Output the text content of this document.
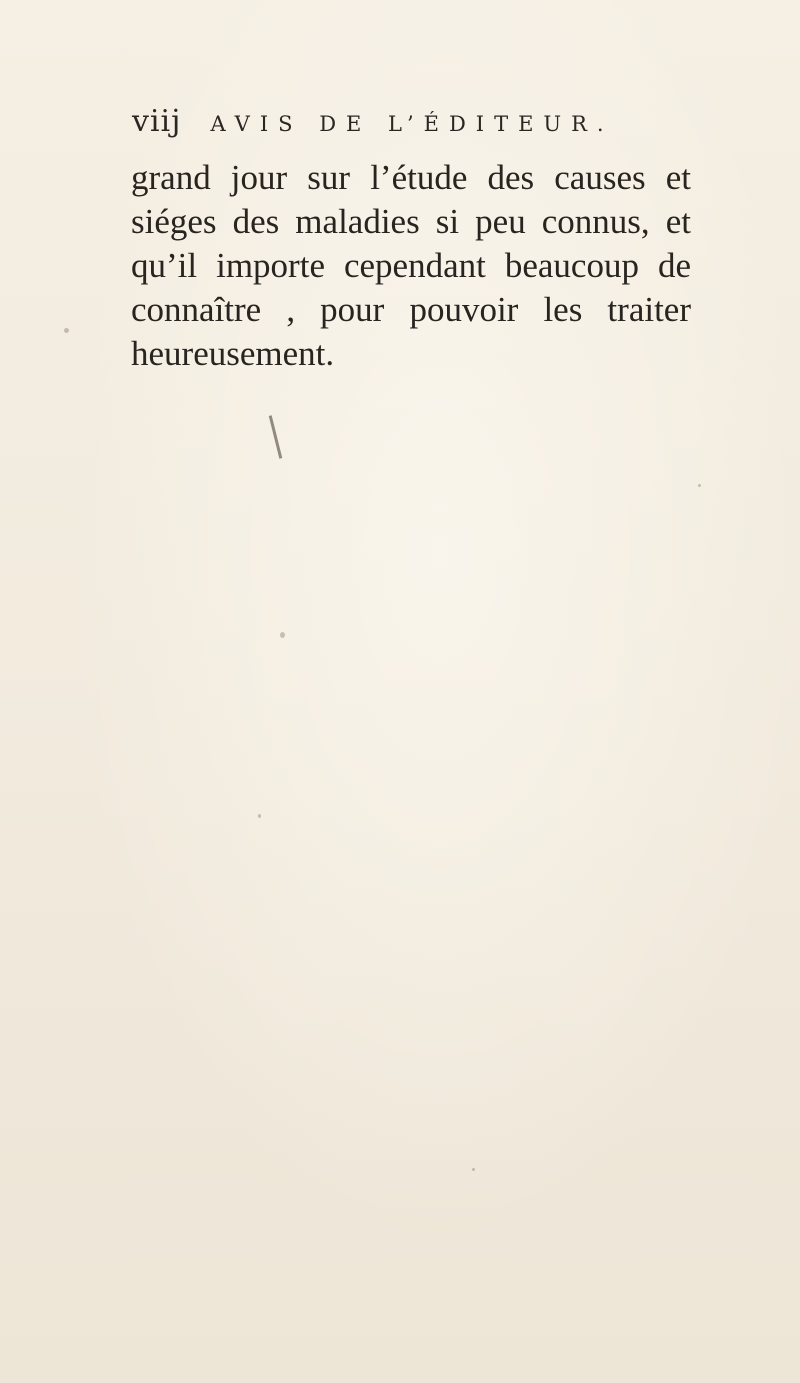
viij AVIS DE L’ÉDITEUR.

grand jour sur l’étude des causes et
siéges des maladies si peu connus, et
qu’il importe cependant beaucoup de
connaître , pour pouvoir les traiter
heureusement.
